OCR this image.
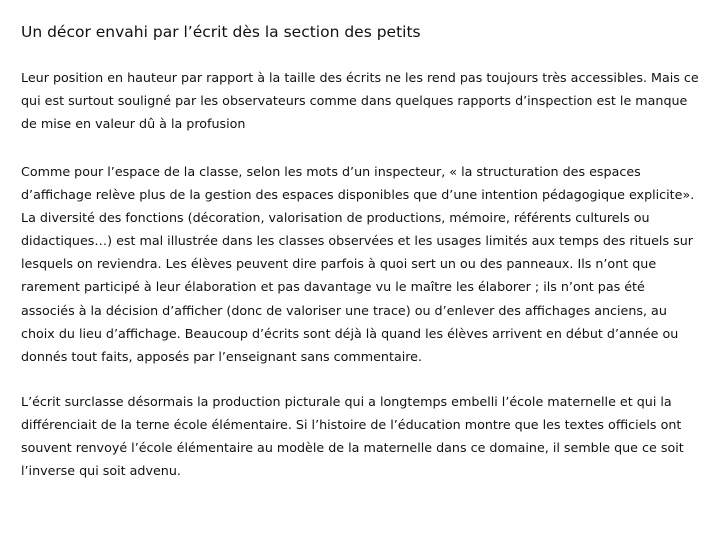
Un décor envahi par l’écrit dès la section des petits

Leur position en hauteur par rapport à la taille des écrits ne les rend pas toujours très accessibles. Mais ce qui est surtout souligné par les observateurs comme dans quelques rapports d’inspection est le manque de mise en valeur dû à la profusion

Comme pour l’espace de la classe, selon les mots d’un inspecteur, « la structuration des espaces d’affichage relève plus de la gestion des espaces disponibles que d’une intention pédagogique explicite». La diversité des fonctions (décoration, valorisation de productions, mémoire, référents culturels ou didactiques…) est mal illustrée dans les classes observées et les usages limités aux temps des rituels sur lesquels on reviendra. Les élèves peuvent dire parfois à quoi sert un ou des panneaux. Ils n’ont que rarement participé à leur élaboration et pas davantage vu le maître les élaborer ; ils n’ont pas été associés à la décision d’afficher (donc de valoriser une trace) ou d’enlever des affichages anciens, au choix du lieu d’affichage. Beaucoup d’écrits sont déjà là quand les élèves arrivent en début d’année ou donnés tout faits, apposés par l’enseignant sans commentaire.

L’écrit surclasse désormais la production picturale qui a longtemps embelli l’école maternelle et qui la différenciait de la terne école élémentaire. Si l’histoire de l’éducation montre que les textes officiels ont souvent renvoyé l’école élémentaire au modèle de la maternelle dans ce domaine, il semble que ce soit l’inverse qui soit advenu.
